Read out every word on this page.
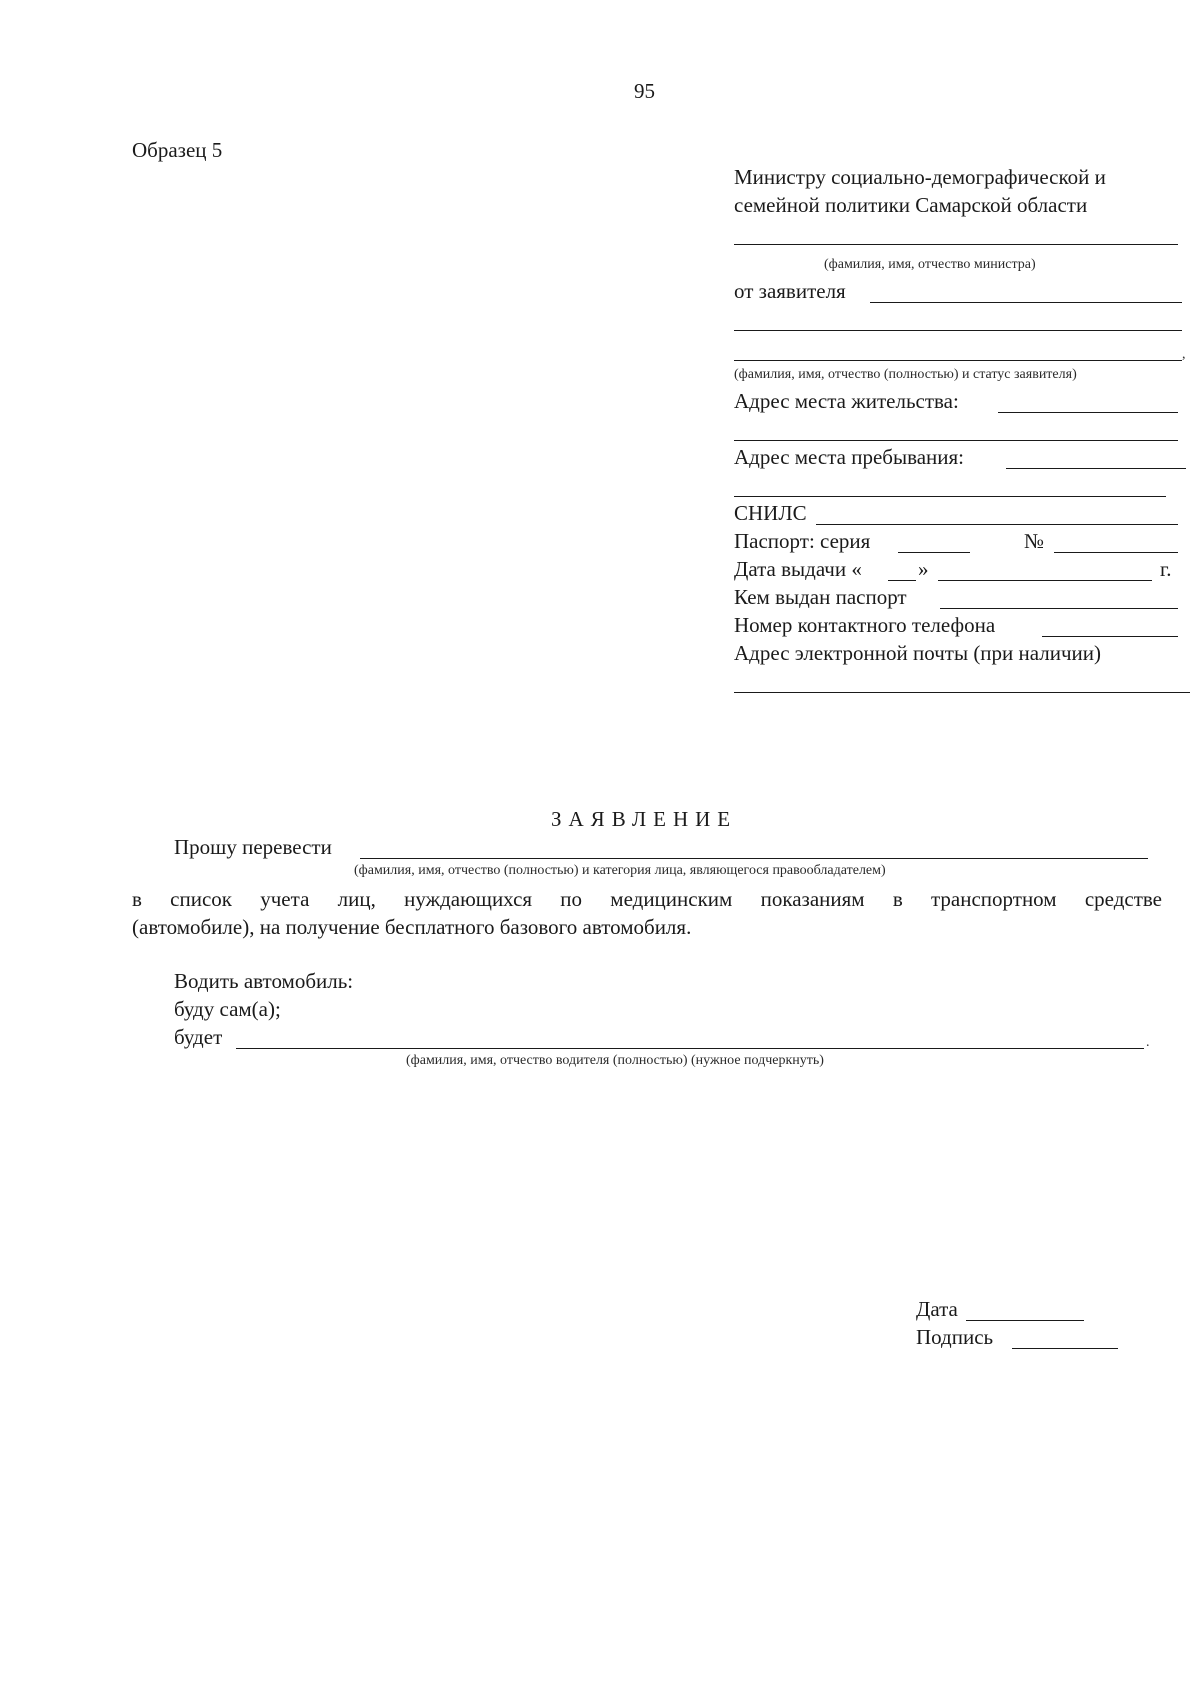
95
Образец 5
Министру социально-демографической и
семейной политики Самарской области
(фамилия, имя, отчество министра)
от заявителя
,
(фамилия, имя, отчество (полностью) и статус заявителя)
Адрес места жительства:
Адрес места пребывания:
СНИЛС
Паспорт: серия	№
Дата выдачи «	»	г.
Кем выдан паспорт
Номер контактного телефона
Адрес электронной почты (при наличии)
ЗАЯВЛЕНИЕ
Прошу перевести
(фамилия, имя, отчество (полностью) и категория лица, являющегося правообладателем)
в список учета лиц, нуждающихся по медицинским показаниям в транспортном средстве
(автомобиле), на получение бесплатного базового автомобиля.
Водить автомобиль:
буду сам(а);
будет	.
(фамилия, имя, отчество водителя (полностью) (нужное подчеркнуть)
Дата
Подпись
